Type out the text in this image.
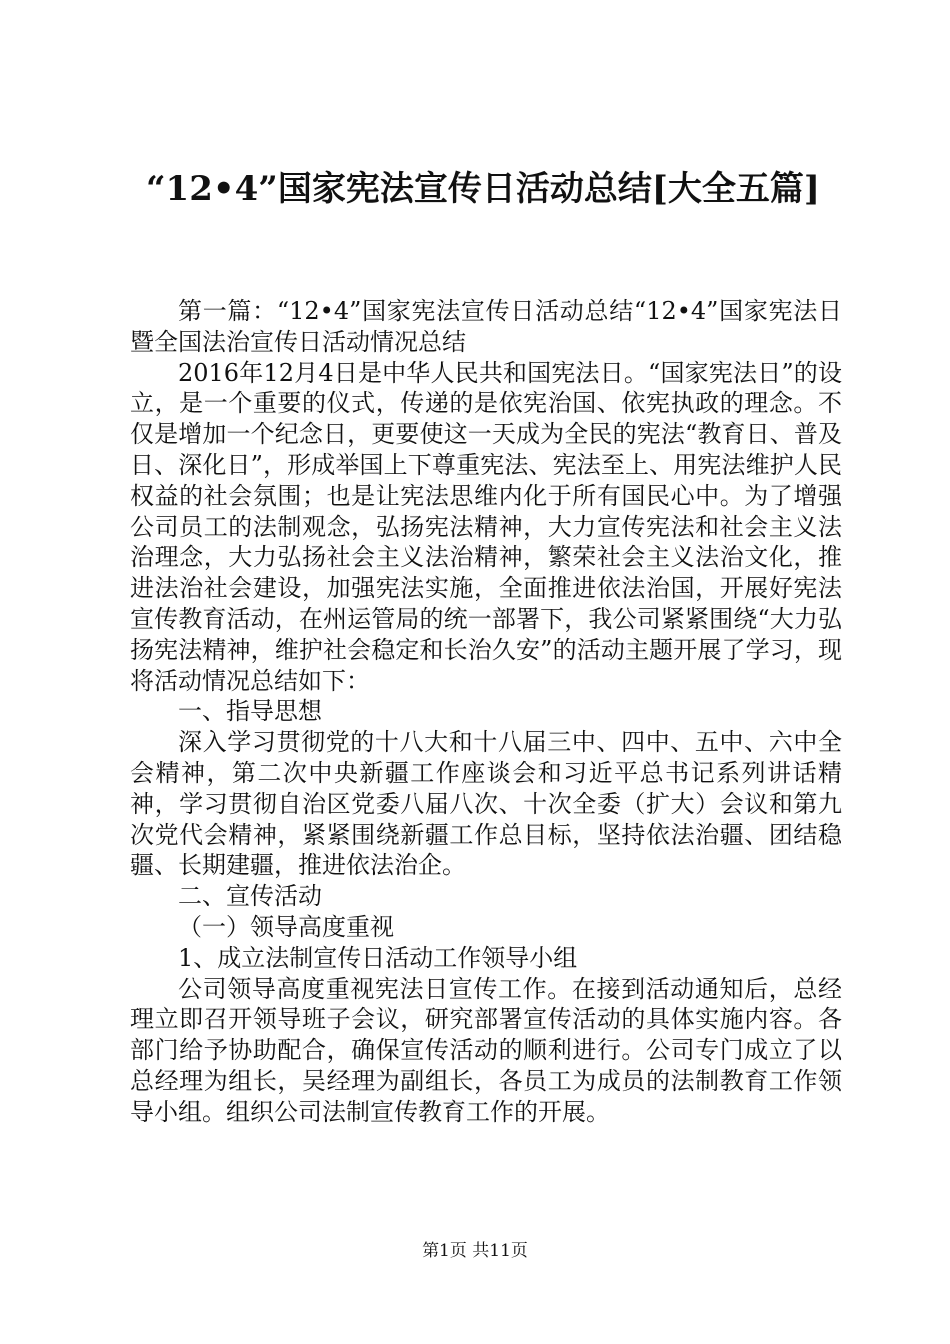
“12•4”国家宪法宣传日活动总结[大全五篇]

第一篇：“12•4”国家宪法宣传日活动总结“12•4”国家宪法日暨全国法治宣传日活动情况总结

2016年12月4日是中华人民共和国宪法日。“国家宪法日”的设立，是一个重要的仪式，传递的是依宪治国、依宪执政的理念。不仅是增加一个纪念日，更要使这一天成为全民的宪法“教育日、普及日、深化日”，形成举国上下尊重宪法、宪法至上、用宪法维护人民权益的社会氛围；也是让宪法思维内化于所有国民心中。为了增强公司员工的法制观念，弘扬宪法精神，大力宣传宪法和社会主义法治理念，大力弘扬社会主义法治精神，繁荣社会主义法治文化，推进法治社会建设，加强宪法实施，全面推进依法治国，开展好宪法宣传教育活动，在州运管局的统一部署下，我公司紧紧围绕“大力弘扬宪法精神，维护社会稳定和长治久安”的活动主题开展了学习，现将活动情况总结如下：

一、指导思想

深入学习贯彻党的十八大和十八届三中、四中、五中、六中全会精神，第二次中央新疆工作座谈会和习近平总书记系列讲话精神，学习贯彻自治区党委八届八次、十次全委（扩大）会议和第九次党代会精神，紧紧围绕新疆工作总目标，坚持依法治疆、团结稳疆、长期建疆，推进依法治企。

二、宣传活动

（一）领导高度重视

1、成立法制宣传日活动工作领导小组

公司领导高度重视宪法日宣传工作。在接到活动通知后，总经理立即召开领导班子会议，研究部署宣传活动的具体实施内容。各部门给予协助配合，确保宣传活动的顺利进行。公司专门成立了以总经理为组长，吴经理为副组长，各员工为成员的法制教育工作领导小组。组织公司法制宣传教育工作的开展。

第1页 共11页
